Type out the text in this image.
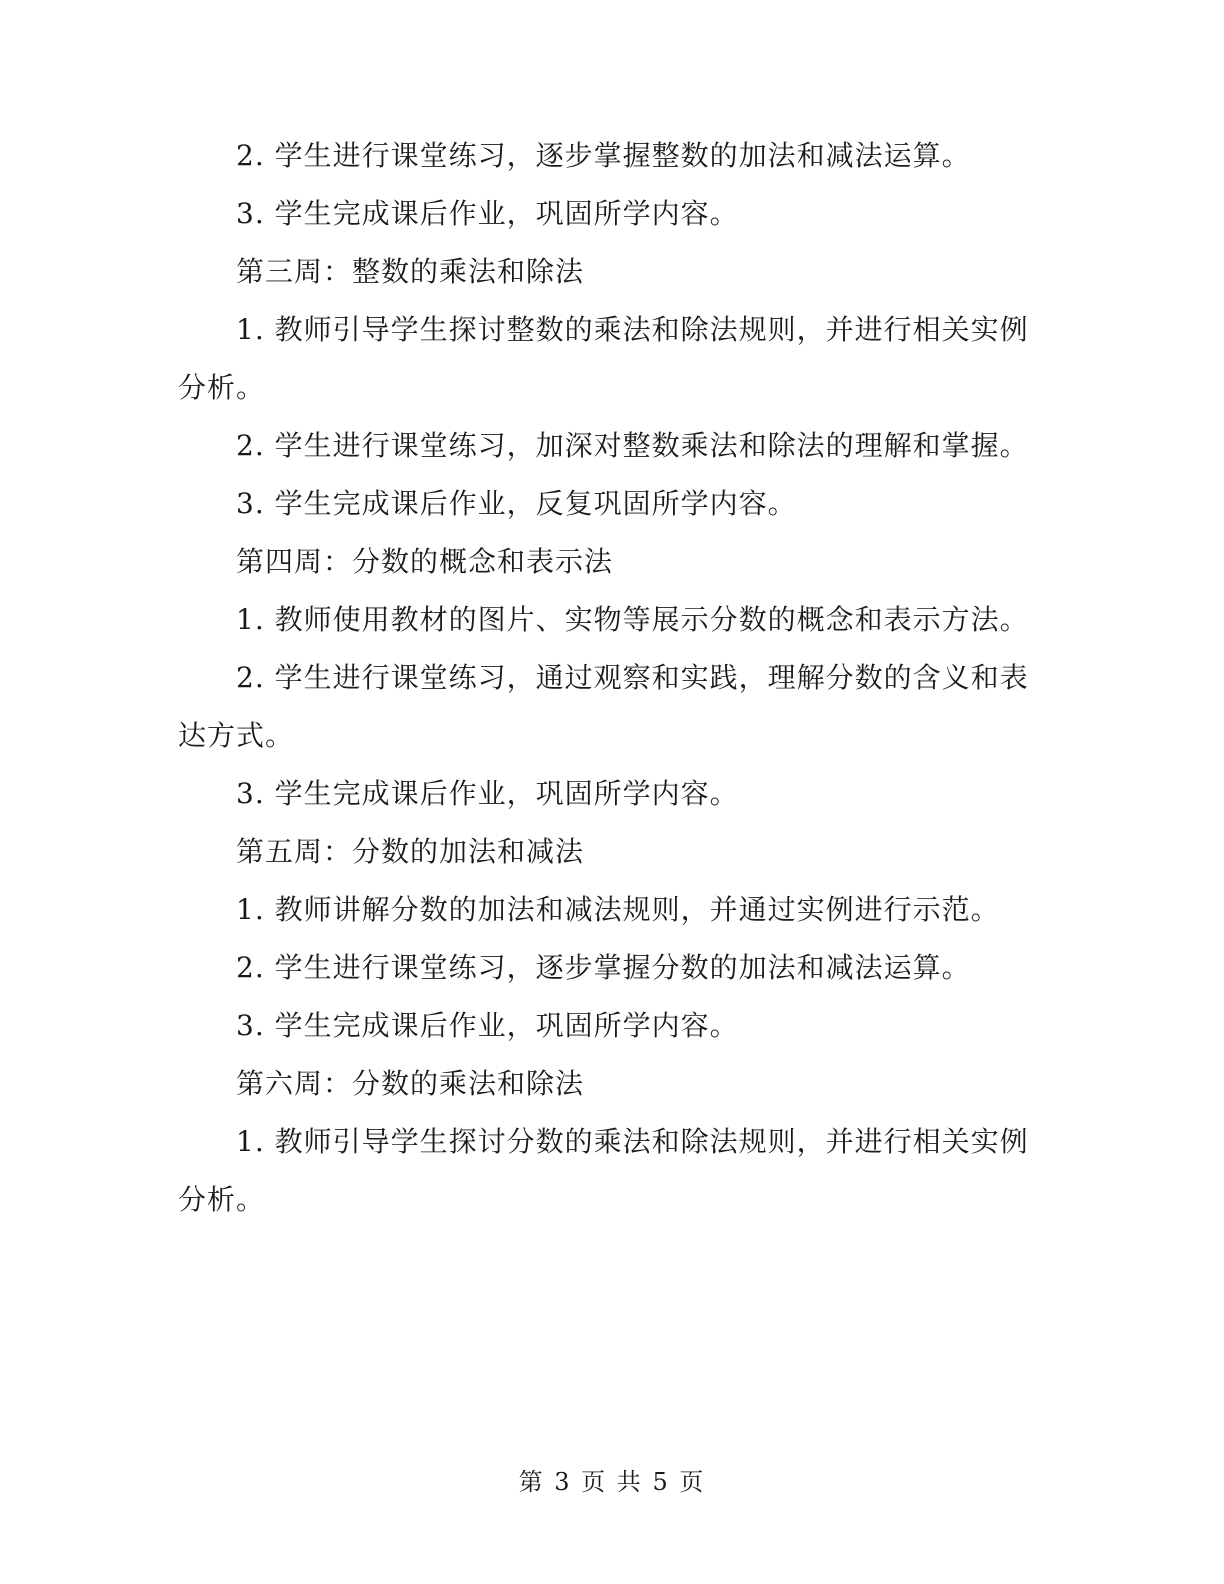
2. 学生进行课堂练习，逐步掌握整数的加法和减法运算。

3. 学生完成课后作业，巩固所学内容。

第三周：整数的乘法和除法

1. 教师引导学生探讨整数的乘法和除法规则，并进行相关实例分析。

2. 学生进行课堂练习，加深对整数乘法和除法的理解和掌握。

3. 学生完成课后作业，反复巩固所学内容。

第四周：分数的概念和表示法

1. 教师使用教材的图片、实物等展示分数的概念和表示方法。

2. 学生进行课堂练习，通过观察和实践，理解分数的含义和表达方式。

3. 学生完成课后作业，巩固所学内容。

第五周：分数的加法和减法

1. 教师讲解分数的加法和减法规则，并通过实例进行示范。

2. 学生进行课堂练习，逐步掌握分数的加法和减法运算。

3. 学生完成课后作业，巩固所学内容。

第六周：分数的乘法和除法

1. 教师引导学生探讨分数的乘法和除法规则，并进行相关实例分析。

第 3 页 共 5 页
